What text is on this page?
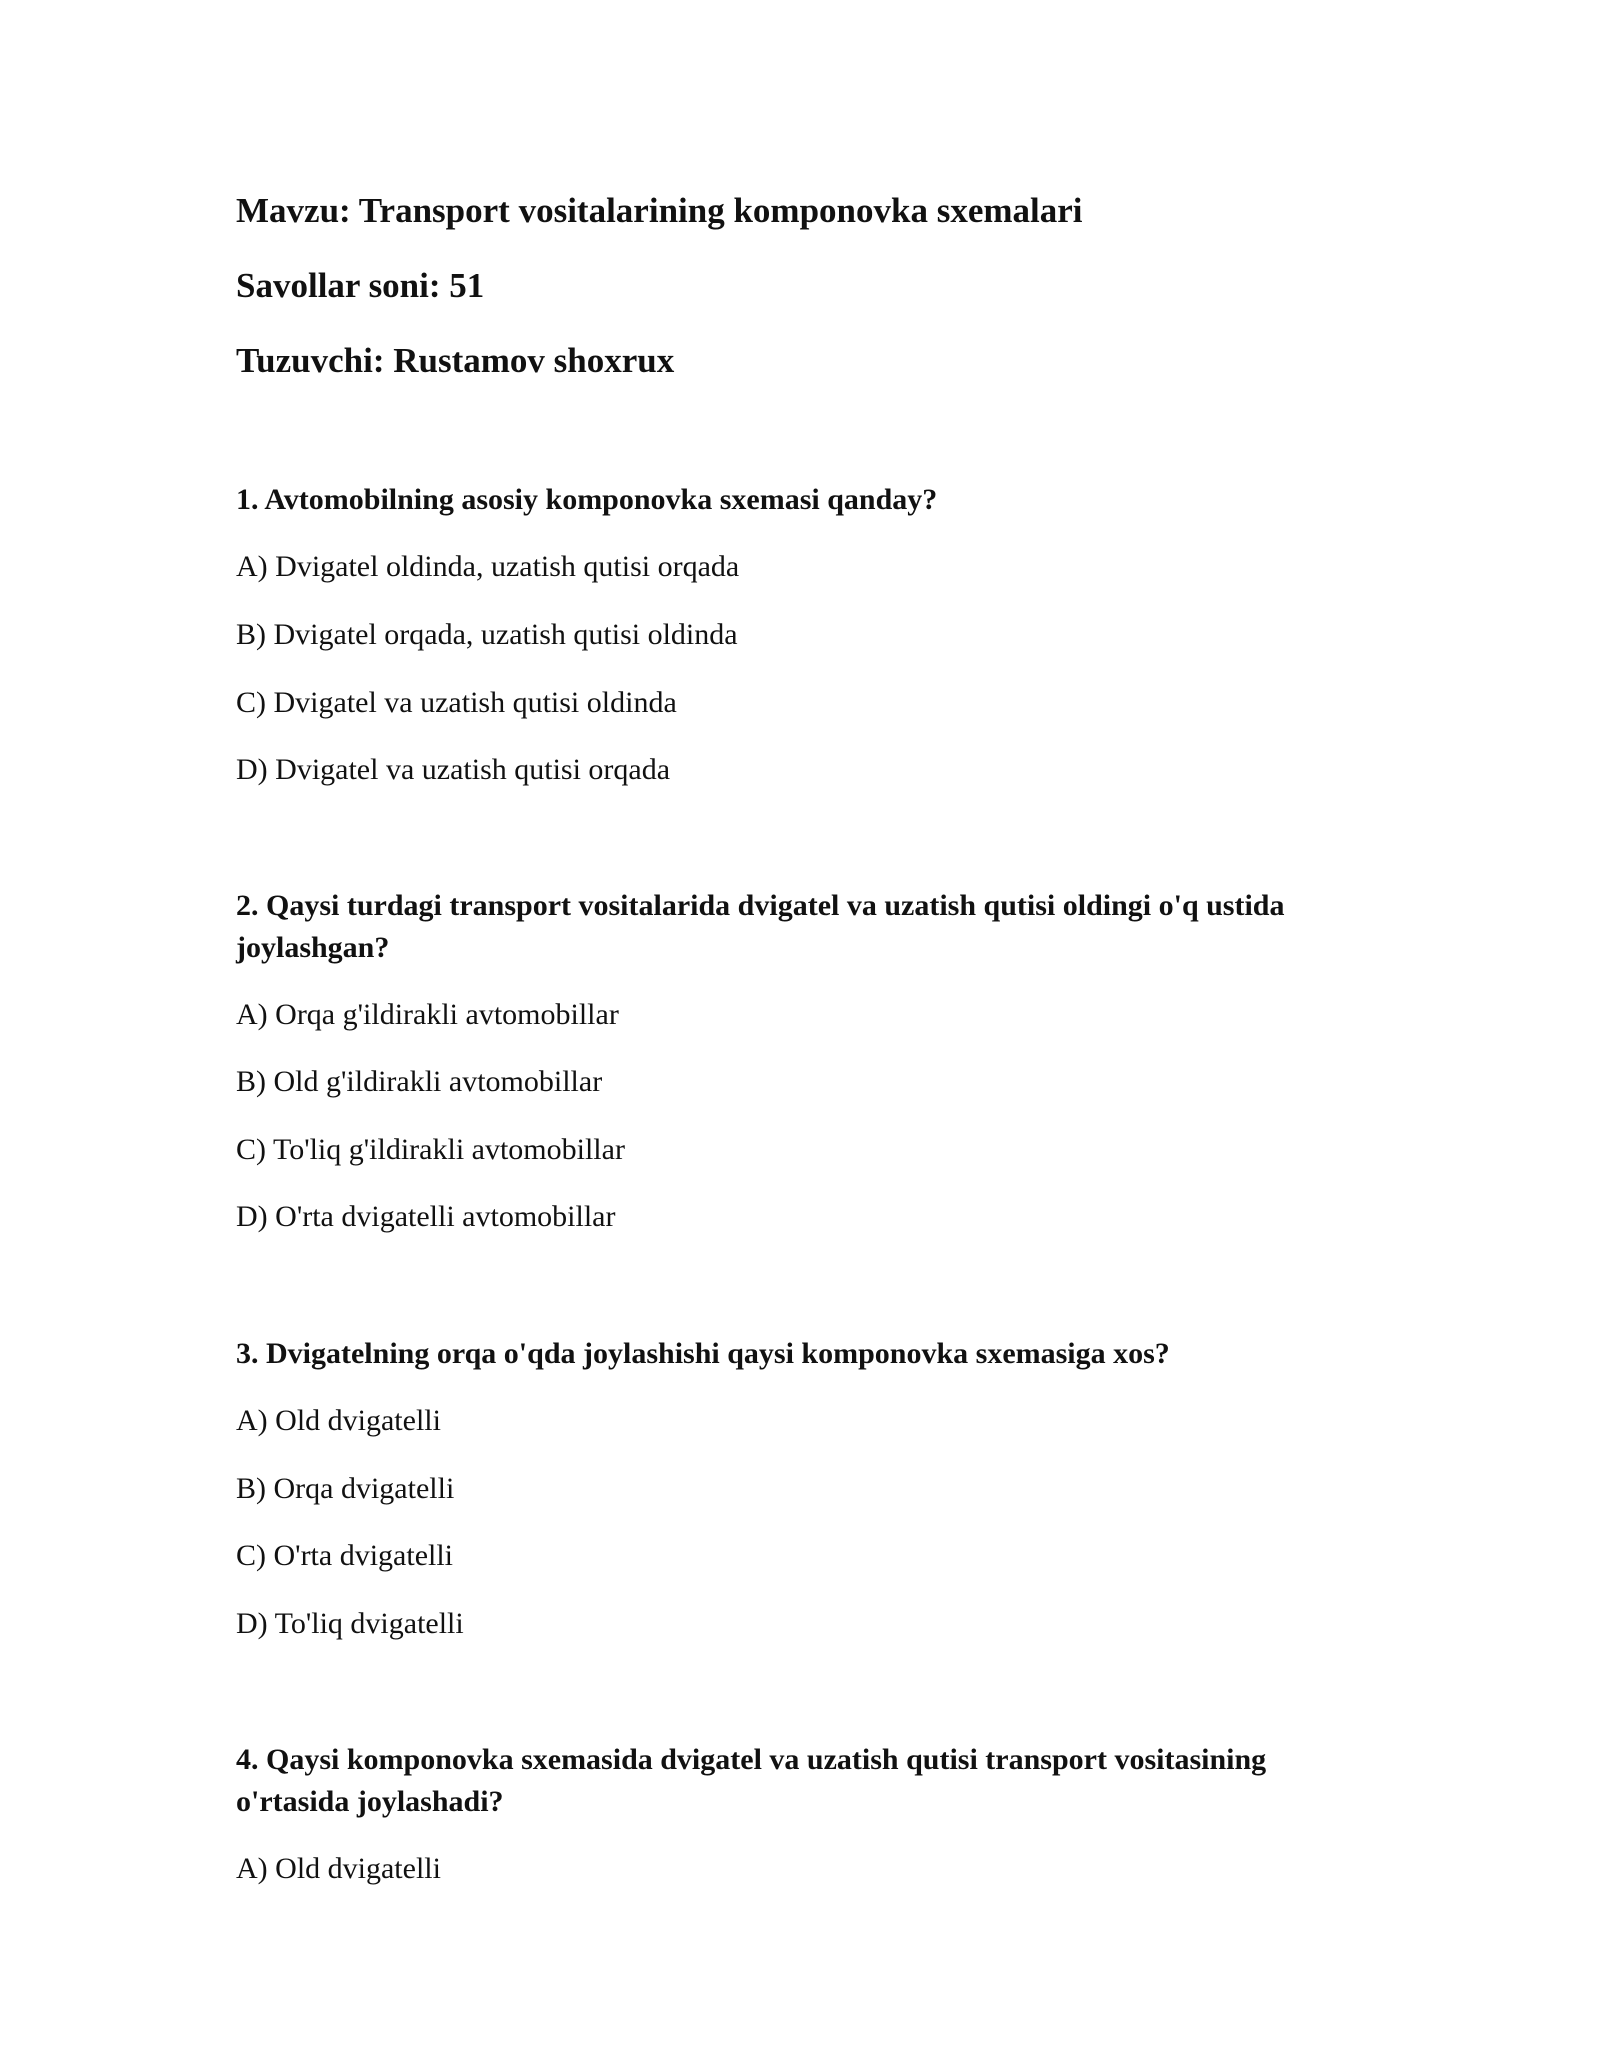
Mavzu: Transport vositalarining komponovka sxemalari
Savollar soni: 51
Tuzuvchi: Rustamov shoxrux
1. Avtomobilning asosiy komponovka sxemasi qanday?
A) Dvigatel oldinda, uzatish qutisi orqada
B) Dvigatel orqada, uzatish qutisi oldinda
C) Dvigatel va uzatish qutisi oldinda
D) Dvigatel va uzatish qutisi orqada
2. Qaysi turdagi transport vositalarida dvigatel va uzatish qutisi oldingi o'q ustida joylashgan?
A) Orqa g'ildirakli avtomobillar
B) Old g'ildirakli avtomobillar
C) To'liq g'ildirakli avtomobillar
D) O'rta dvigatelli avtomobillar
3. Dvigatelning orqa o'qda joylashishi qaysi komponovka sxemasiga xos?
A) Old dvigatelli
B) Orqa dvigatelli
C) O'rta dvigatelli
D) To'liq dvigatelli
4. Qaysi komponovka sxemasida dvigatel va uzatish qutisi transport vositasining o'rtasida joylashadi?
A) Old dvigatelli
